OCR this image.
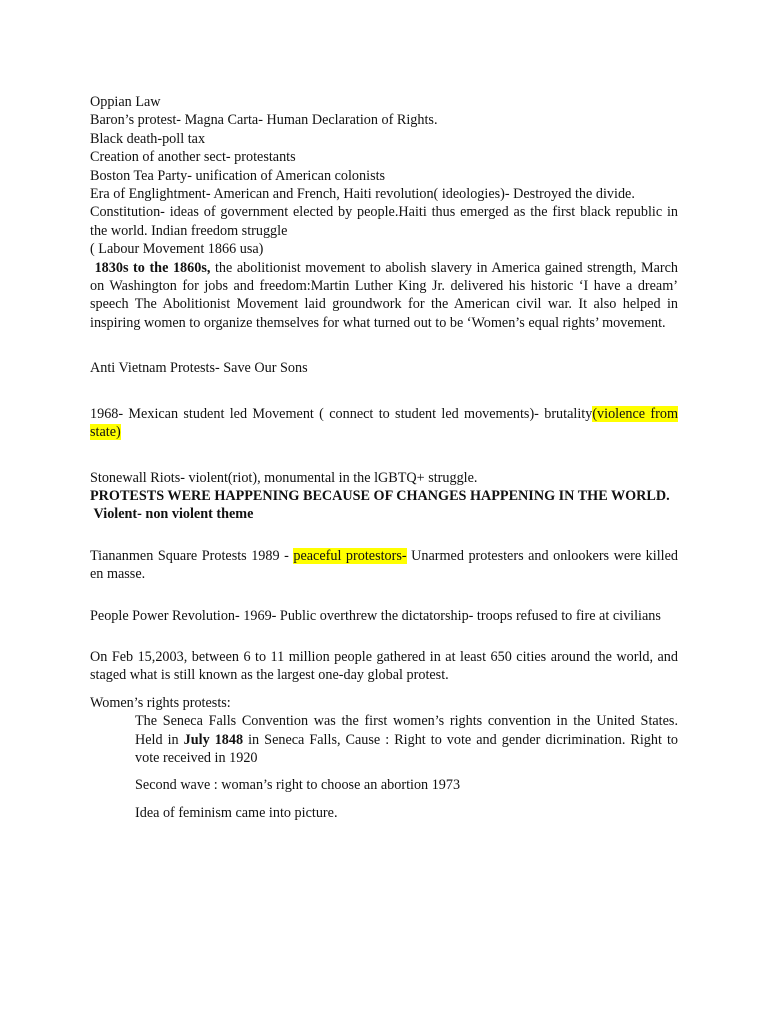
Oppian Law
Baron’s protest- Magna Carta- Human Declaration of Rights.
Black death-poll tax
Creation of another sect- protestants
Boston Tea Party- unification of American colonists
Era of Englightment- American and French, Haiti revolution( ideologies)- Destroyed the divide.
Constitution- ideas of government elected by people.Haiti thus emerged as the first black republic in the world. Indian freedom struggle
( Labour Movement 1866 usa)
1830s to the 1860s, the abolitionist movement to abolish slavery in America gained strength, March on Washington for jobs and freedom:Martin Luther King Jr. delivered his historic ‘I have a dream’ speech The Abolitionist Movement laid groundwork for the American civil war. It also helped in inspiring women to organize themselves for what turned out to be ‘Women’s equal rights’ movement.
Anti Vietnam Protests- Save Our Sons
1968- Mexican student led Movement ( connect to student led movements)- brutality(violence from state)
Stonewall Riots- violent(riot), monumental in the lGBTQ+ struggle.
PROTESTS WERE HAPPENING BECAUSE OF CHANGES HAPPENING IN THE WORLD.
Violent- non violent theme
Tiananmen Square Protests 1989 - peaceful protestors- Unarmed protesters and onlookers were killed en masse.
People Power Revolution- 1969- Public overthrew the dictatorship- troops refused to fire at civilians
On Feb 15,2003, between 6 to 11 million people gathered in at least 650 cities around the world, and staged what is still known as the largest one-day global protest.
Women’s rights protests:
The Seneca Falls Convention was the first women’s rights convention in the United States. Held in July 1848 in Seneca Falls, Cause : Right to vote and gender dicrimination. Right to vote received in 1920
Second wave : woman’s right to choose an abortion 1973
Idea of feminism came into picture.
